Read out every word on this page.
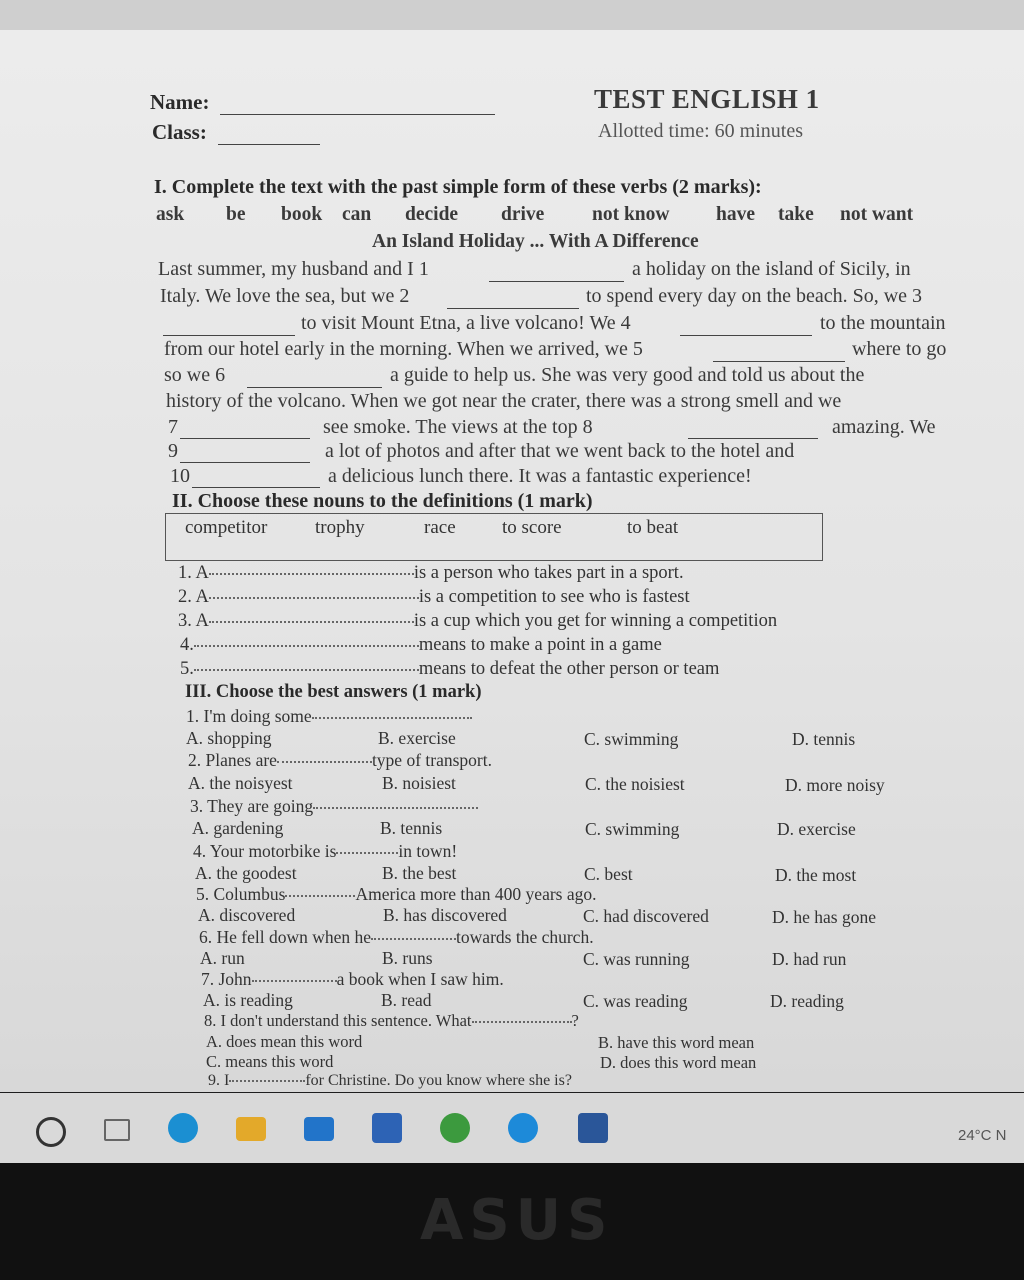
Name:
Class:
TEST ENGLISH 1
Allotted time: 60 minutes
I. Complete the text with the past simple form of these verbs (2 marks):
ask be book can decide drive not know have take not want
An Island Holiday ... With A Difference
Last summer, my husband and I 1	a holiday on the island of Sicily, in
Italy. We love the sea, but we 2	to spend every day on the beach. So, we 3
to visit Mount Etna, a live volcano! We 4	to the mountain
from our hotel early in the morning. When we arrived, we 5	where to go
so we 6	a guide to help us. She was very good and told us about the
history of the volcano. When we got near the crater, there was a strong smell and we
7	see smoke. The views at the top 8	amazing. We
9	a lot of photos and after that we went back to the hotel and
10	a delicious lunch there. It was a fantastic experience!
II. Choose these nouns to the definitions (1 mark)
competitor	trophy	race to score	to beat
1. A	is a person who takes part in a sport.
2. A	is a competition to see who is fastest
3. A	is a cup which you get for winning a competition
4.	means to make a point in a game
5.	means to defeat the other person or team
III. Choose the best answers (1 mark)
1. I'm doing some
A. shopping	B. exercise	C. swimming	D. tennis
2. Planes are	type of transport.
A. the noisyest	B. noisiest	C. the noisiest	D. more noisy
3. They are going
A. gardening	B. tennis	C. swimming	D. exercise
4. Your motorbike is	in town!
A. the goodest	B. the best	C. best	D. the most
5. Columbus	America more than 400 years ago.
A. discovered	B. has discovered	C. had discovered	D. he has gone
6. He fell down when he	towards the church.
A. run	B. runs	C. was running	D. had run
7. John	a book when I saw him.
A. is reading	B. read	C. was reading	D. reading
8. I don't understand this sentence. What	?
A. does mean this word	B. have this word mean
C. means this word	D. does this word mean
9. I	for Christine. Do you know where she is?
24°C N
ASUS
